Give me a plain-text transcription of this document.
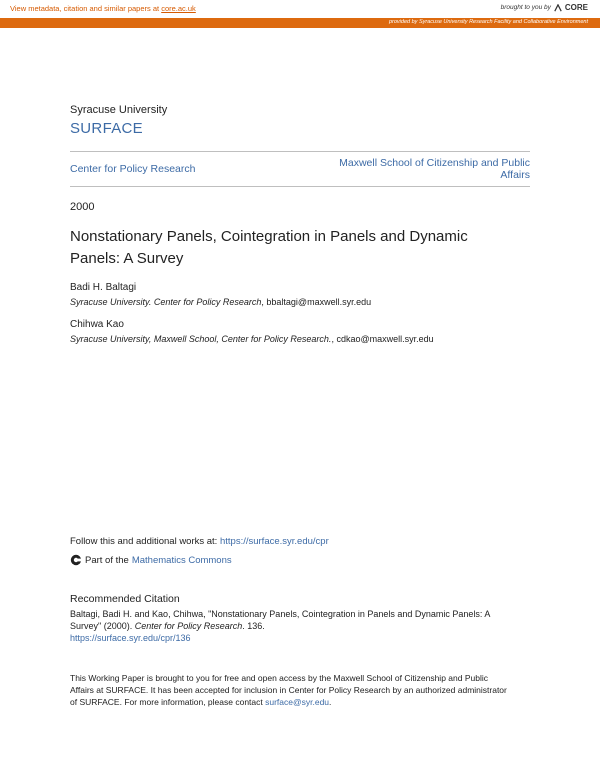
View metadata, citation and similar papers at core.ac.uk	brought to you by CORE
provided by Syracuse University Research Facility and Collaborative Environment
Syracuse University
SURFACE
Center for Policy Research	Maxwell School of Citizenship and Public
Affairs
2000
Nonstationary Panels, Cointegration in Panels and Dynamic
Panels: A Survey
Badi H. Baltagi
Syracuse University. Center for Policy Research, bbaltagi@maxwell.syr.edu
Chihwa Kao
Syracuse University, Maxwell School, Center for Policy Research., cdkao@maxwell.syr.edu
Follow this and additional works at: https://surface.syr.edu/cpr
Part of the Mathematics Commons
Recommended Citation
Baltagi, Badi H. and Kao, Chihwa, "Nonstationary Panels, Cointegration in Panels and Dynamic Panels: A
Survey" (2000). Center for Policy Research. 136.
https://surface.syr.edu/cpr/136
This Working Paper is brought to you for free and open access by the Maxwell School of Citizenship and Public
Affairs at SURFACE. It has been accepted for inclusion in Center for Policy Research by an authorized administrator
of SURFACE. For more information, please contact surface@syr.edu.
